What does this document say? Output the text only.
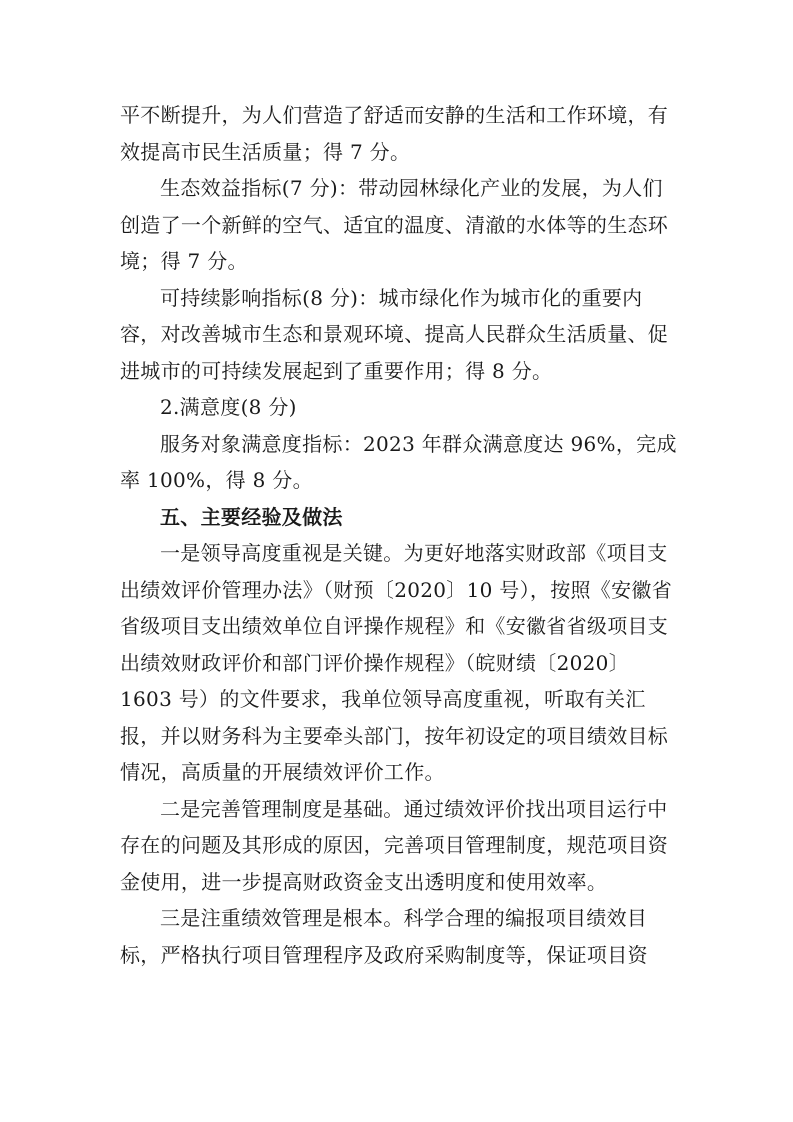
平不断提升，为人们营造了舒适而安静的生活和工作环境，有效提高市民生活质量；得 7 分。

生态效益指标(7 分)：带动园林绿化产业的发展，为人们创造了一个新鲜的空气、适宜的温度、清澈的水体等的生态环境；得 7 分。

可持续影响指标(8 分)：城市绿化作为城市化的重要内容，对改善城市生态和景观环境、提高人民群众生活质量、促进城市的可持续发展起到了重要作用；得 8 分。

2.满意度(8 分)

服务对象满意度指标：2023 年群众满意度达 96%，完成率 100%，得 8 分。

五、主要经验及做法

一是领导高度重视是关键。为更好地落实财政部《项目支出绩效评价管理办法》（财预〔2020〕10 号），按照《安徽省省级项目支出绩效单位自评操作规程》和《安徽省省级项目支出绩效财政评价和部门评价操作规程》（皖财绩〔2020〕1603 号）的文件要求，我单位领导高度重视，听取有关汇报，并以财务科为主要牵头部门，按年初设定的项目绩效目标情况，高质量的开展绩效评价工作。

二是完善管理制度是基础。通过绩效评价找出项目运行中存在的问题及其形成的原因，完善项目管理制度，规范项目资金使用，进一步提高财政资金支出透明度和使用效率。

三是注重绩效管理是根本。科学合理的编报项目绩效目标，严格执行项目管理程序及政府采购制度等，保证项目资
